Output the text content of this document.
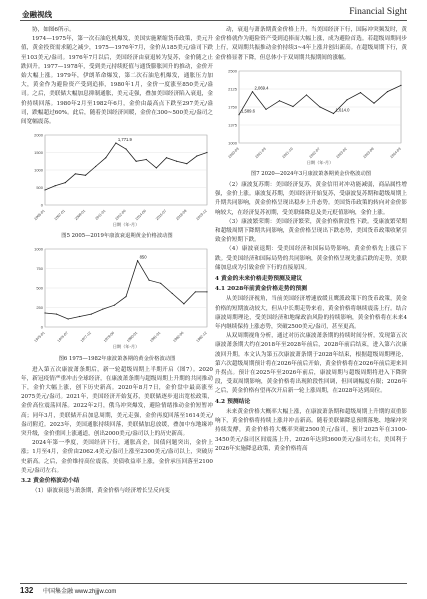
金融视线	Financial Sight

协，如图6所示。

1974—1975年，第一次石油危机爆发，美国实施紧缩货币政策，美元升值，黄金投资需求随之减少，1975—1976年7月，金价从185美元/盎司下跌至103美元/盎司。1976年7月以后，美国经济由衰退转为复苏，金价随之止跌回升。1977—1978年，受到美元持续贬值与通货膨胀回升的推动，金价开始大幅上涨。1979年，伊朗革命爆发，第二次石油危机爆发，通胀压力加大，黄金作为避险资产受到追捧，1980年1月，金价一度涨至850美元/盎司。之后，美联储大幅加息抑制通胀，美元走强，叠加美国经济陷入衰退，金价持续回落。1980年2月至1982年6月，金价由最高点下跌至297美元/盎司，跌幅超过60%。此后，随着美国经济回暖，金价在300~500美元/盎司之间宽幅震荡。

0
500
1000
1500
2000
2005-01 2007-01 2009-01 2011-01 2012-06 2014-06 2016-07 2018-08 2019-12
1,771.9
日期（年-月）
图5 2005—2019年康波衰退期黄金价格波动图
0
250
500
750
1000
1975-01	1976-07	1977-12	1979-06	1980-01	1981-01	1982-06	1982-12
850
日期（年-月）
图6 1975—1982年康波萧条期的黄金价格波动图

进入第五次康波萧条期后，新一轮超级周期上半期开启（图7）。2020年，新冠疫情严重冲击全球经济，在康波萧条期与超级周期上升期的共同推动下，金价大幅上涨，创下历史新高。2020年8月7日，金价盘中最高涨至2075美元/盎司。2021年，美国经济开始复苏，美联储逐步退出宽松政策，金价高位震荡回落。2022年2月，俄乌冲突爆发，避险情绪推动金价短暂冲高；同年3月，美联储开启加息周期，美元走强，金价再度回落至1614美元/盎司附近。2023年，美国通胀持续回落，美联储加息放缓，叠加中东地缘冲突升级，金价重回上涨通道，创出2000美元/盎司以上的历史新高。

2024年第一季度，美国经济下行，通胀高企，国债问题突出，金价上涨；1月至4月，金价由2062.4美元/盎司上涨至2300美元/盎司以上，突破历史新高。之后，金价维持高位震荡，美债收益率上涨，金价承压回落至2100美元/盎司左右。

3.2 黄金价格波动小结

（1）康波衰退与萧条期，黄金价格与经济增长呈反向变

动，衰退与萧条期黄金价格上升。当美国经济下行，国际冲突频发时，黄金价格就作为避险资产受到追捧而大幅上涨，成为避险首选。若超级周期同步上行，双周期共振推动金价持续3~4年上涨并创出新高。在超级周期下行，黄金价格显著下降，但总体小于双周期共振期间的涨幅。

1000
1375
1750
2125
2500
2020-03	2021-03	2021-10	2022-07	2023-02	2023-09	2024-03
2,069.4
1,614.0
1,589.6
日期（年-月）
图7 2020—2024年3月康波萧条期黄金价格波动图

（2）康波复苏期：美国经济复苏，黄金信用对冲功能减弱，商品属性增强，金价上涨。康波复苏期，美国经济开始复苏，受康波复苏期和超级周期上升期共同影响，黄金价格呈现出稳步上升态势。美国货币政策的转向对金价影响较大，在经济复苏初期，受美联储降息及美元贬值影响，金价上涨。

（3）康波繁荣期：美国经济繁荣，黄金价格阶段性下跌。受康波繁荣期和超级周期下降期共同影响，黄金价格呈现出下跌态势，美国货币政策收紧引致金价短期下跌。

（4）康波衰退期：受美国经济和国际局势影响，黄金价格先上涨后下跌。受美国经济和国际局势的共同影响，黄金价格呈现先涨后跌的走势，美联储加息成为引致金价下行的直接原因。

4 黄金的未来价格走势预测及建议
4.1 2028年前黄金价格走势的预测

从美国经济视角，当前美国经济增速放缓且鹰派政策下的货币政策，黄金价格的短期波动较大，但从中长期走势来看，黄金价格将继续震荡上行。结合康波周期理论，受美国经济和地缘政治风险的持续影响，黄金价格将在未来4年内继续保持上涨态势，突破2500美元/盎司，甚至更高。

从双周期视角分析，通过对历次康波萧条期的持续时间分析，发现第五次康波萧条期大约在2018年至2028年前后，2028年前后结束，进入第六次康波回升期。本文认为第五次康波萧条期于2028年结束，根据超级周期理论，第六次超级周期预计将在2026年前后开始，黄金价格将在2026年前后迎来回升拐点。预计在2025年至2026年前后，康波周期与超级周期将进入下降阶段，受双周期影响，黄金价格将出现阶段性回调，但回调幅度有限；2026年之后，黄金价格有望再次开启新一轮上涨周期，在2028年达到高位。

4.2 预测结论

未来黄金价格大概率大幅上涨，在康波萧条期和超级周期上升期的双重影响下，黄金价格将持续上涨并冲击新高。随着美联储降息预期落地、地缘冲突持续发酵，黄金价格将大概率突破2500美元/盎司，预计2025年在3100-3450美元/盎司区间震荡上升，2026年达到3600美元/盎司左右，美国利于2026年实施降息政策，黄金价格将高

132 中国集金融 www.zhjjjw.com
